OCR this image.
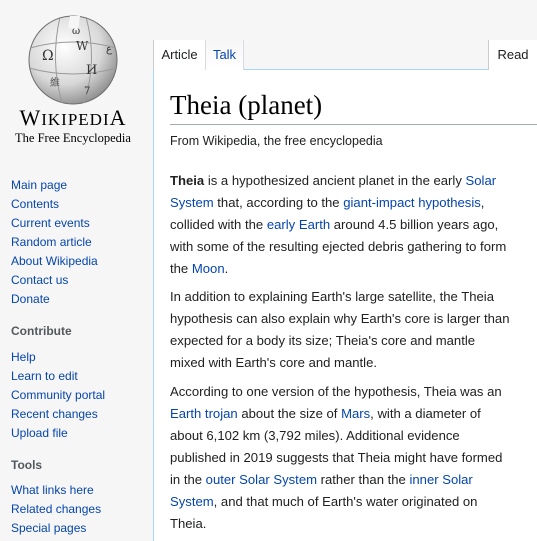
Ω
W
И
維
ω
7
ع
WIKIPEDIA
The Free Encyclopedia
Main page
Contents
Current events
Random article
About Wikipedia
Contact us
Donate
Contribute
Help
Learn to edit
Community portal
Recent changes
Upload file
Tools
What links here
Related changes
Special pages
Article Talk	Read
Theia (planet)
From Wikipedia, the free encyclopedia

Theia is a hypothesized ancient planet in the early Solar System that, according to the giant-impact hypothesis, collided with the early Earth around 4.5 billion years ago, with some of the resulting ejected debris gathering to form the Moon.

In addition to explaining Earth's large satellite, the Theia hypothesis can also explain why Earth's core is larger than expected for a body its size; Theia's core and mantle mixed with Earth's core and mantle.

According to one version of the hypothesis, Theia was an Earth trojan about the size of Mars, with a diameter of about 6,102 km (3,792 miles). Additional evidence published in 2019 suggests that Theia might have formed in the outer Solar System rather than the inner Solar System, and that much of Earth's water originated on Theia.
